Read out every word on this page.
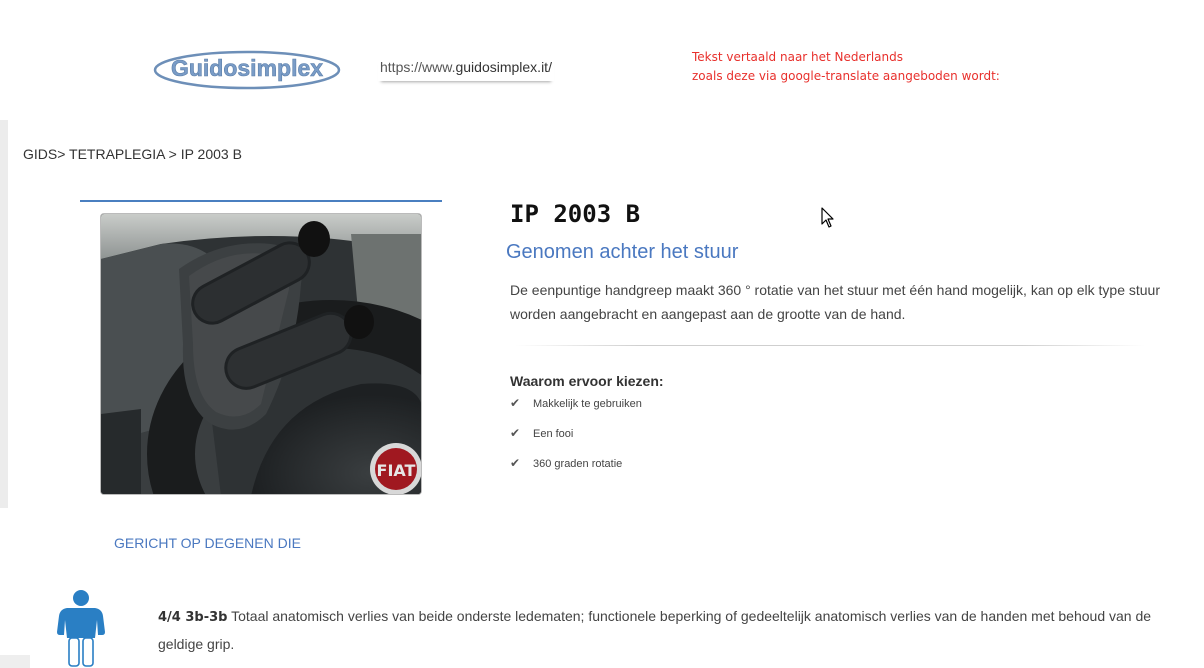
Guidosimplex	https://www.guidosimplex.it/
Tekst vertaald naar het Nederlands
zoals deze via google-translate aangeboden wordt:
GIDS> TETRAPLEGIA > IP 2003 B
FIAT
IP 2003 B
Genomen achter het stuur
De eenpuntige handgreep maakt 360 ° rotatie van het stuur met één hand mogelijk, kan op elk type stuur worden aangebracht en aangepast aan de grootte van de hand.
Waarom ervoor kiezen:
✔	Makkelijk te gebruiken
✔	Een fooi
✔	360 graden rotatie
GERICHT OP DEGENEN DIE
4/4 3b-3b Totaal anatomisch verlies van beide onderste ledematen; functionele beperking of gedeeltelijk anatomisch verlies van de handen met behoud van de geldige grip.
